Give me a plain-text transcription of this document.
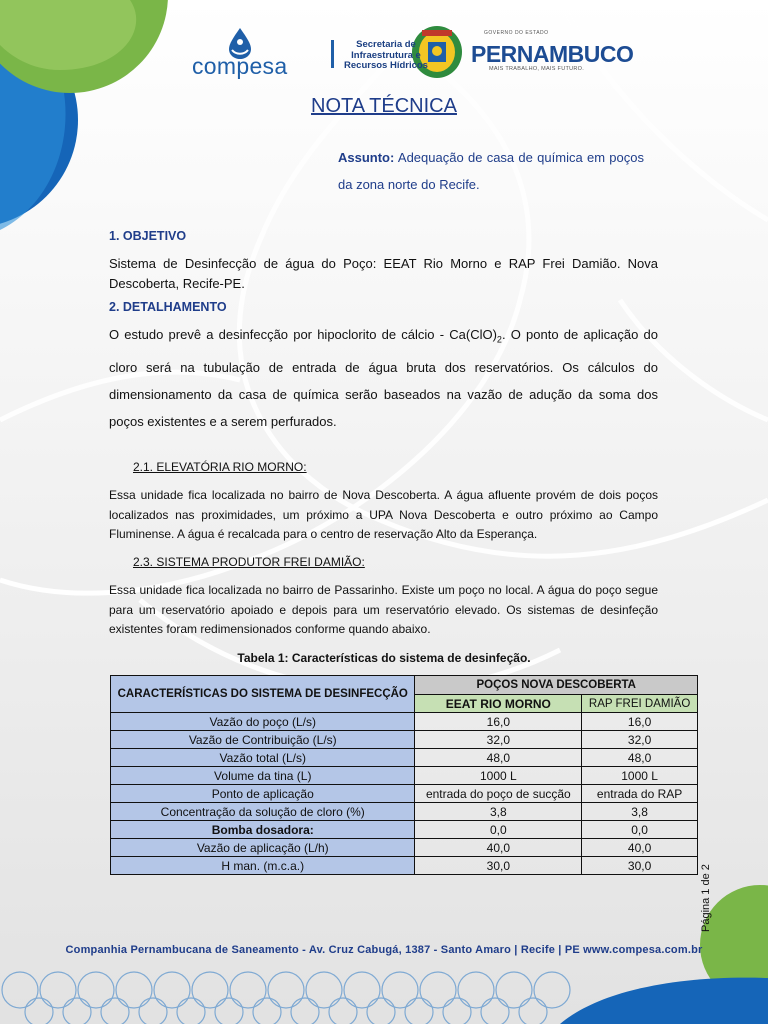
compesa
Secretaria de Infraestrutura e Recursos Hídricos
GOVERNO DO ESTADO
PERNAMBUCO
MAIS TRABALHO, MAIS FUTURO.
NOTA TÉCNICA
Assunto: Adequação de casa de química em poços da zona norte do Recife.
1. OBJETIVO
Sistema de Desinfecção de água do Poço: EEAT Rio Morno e RAP Frei Damião. Nova Descoberta, Recife-PE.
2. DETALHAMENTO
O estudo prevê a desinfecção por hipoclorito de cálcio - $Ca(ClO)_2$. O ponto de aplicação do cloro será na tubulação de entrada de água bruta dos reservatórios. Os cálculos do dimensionamento da casa de química serão baseados na vazão de adução da soma dos poços existentes e a serem perfurados.
2.1. ELEVATÓRIA RIO MORNO:
Essa unidade fica localizada no bairro de Nova Descoberta. A água afluente provém de dois poços localizados nas proximidades, um próximo a UPA Nova Descoberta e outro próximo ao Campo Fluminense. A água é recalcada para o centro de reservação Alto da Esperança.
2.3. SISTEMA PRODUTOR FREI DAMIÃO:
Essa unidade fica localizada no bairro de Passarinho. Existe um poço no local. A água do poço segue para um reservatório apoiado e depois para um reservatório elevado. Os sistemas de desinfeção existentes foram redimensionados conforme quando abaixo.
Tabela 1: Características do sistema de desinfeção.
CARACTERÍSTICAS DO SISTEMA DE DESINFECÇÃO	POÇOS NOVA DESCOBERTA	
	EEAT RIO MORNO	RAP FREI DAMIÃO
Vazão do poço (L/s)	16,0	16,0
Vazão de Contribuição (L/s)	32,0	32,0
Vazão total (L/s)	48,0	48,0
Volume da tina (L)	1000 L	1000 L
Ponto de aplicação	entrada do poço de sucção	entrada do RAP
Concentração da solução de cloro (%)	3,8	3,8
Bomba dosadora:	0,0	0,0
Vazão de aplicação (L/h)	40,0	40,0
H man. (m.c.a.)	30,0	30,0	Página 1 de 2
Companhia Pernambucana de Saneamento - Av. Cruz Cabugá, 1387 - Santo Amaro | Recife | PE www.compesa.com.br
